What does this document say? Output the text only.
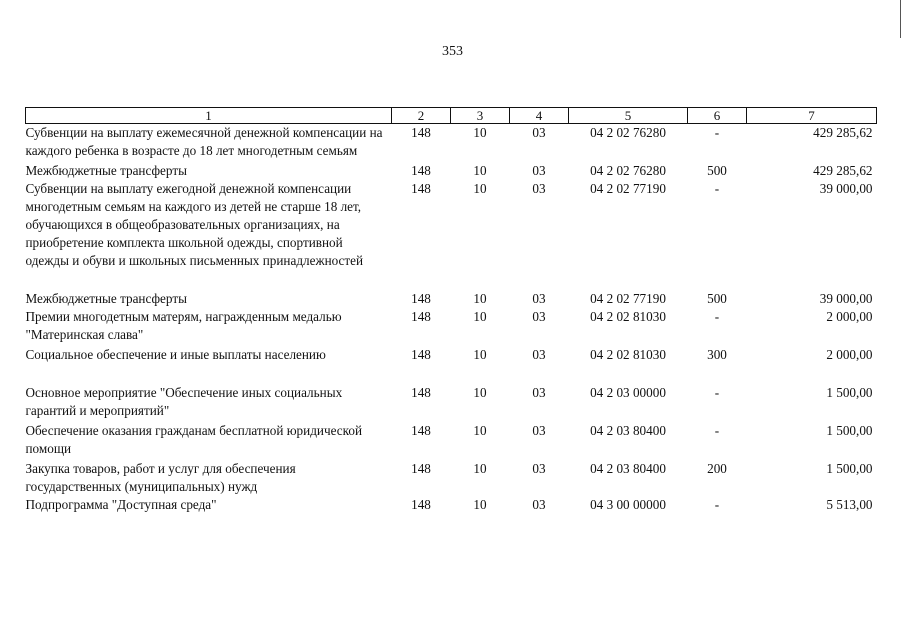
353
1	2	3	4	5	6	7
Субвенции на выплату ежемесячной денежной компенсации на каждого ребенка в возрасте до 18 лет многодетным семьям	148	10	03	04 2 02 76280	-	429 285,62
Межбюджетные трансферты	148	10	03	04 2 02 76280	500	429 285,62
Субвенции на выплату ежегодной денежной компенсации многодетным семьям на каждого из детей не старше 18 лет, обучающихся в общеобразовательных организациях, на приобретение комплекта школьной одежды, спортивной одежды и обуви и школьных письменных принадлежностей	148	10	03	04 2 02 77190	-	39 000,00
Межбюджетные трансферты	148	10	03	04 2 02 77190	500	39 000,00
Премии многодетным матерям, награжденным медалью "Материнская слава"	148	10	03	04 2 02 81030	-	2 000,00
Социальное обеспечение и иные выплаты населению	148	10	03	04 2 02 81030	300	2 000,00
Основное мероприятие "Обеспечение иных социальных гарантий и мероприятий"	148	10	03	04 2 03 00000	-	1 500,00
Обеспечение оказания гражданам бесплатной юридической помощи	148	10	03	04 2 03 80400	-	1 500,00
Закупка товаров, работ и услуг для обеспечения государственных (муниципальных) нужд	148	10	03	04 2 03 80400	200	1 500,00
Подпрограмма "Доступная среда"	148	10	03	04 3 00 00000	-	5 513,00
